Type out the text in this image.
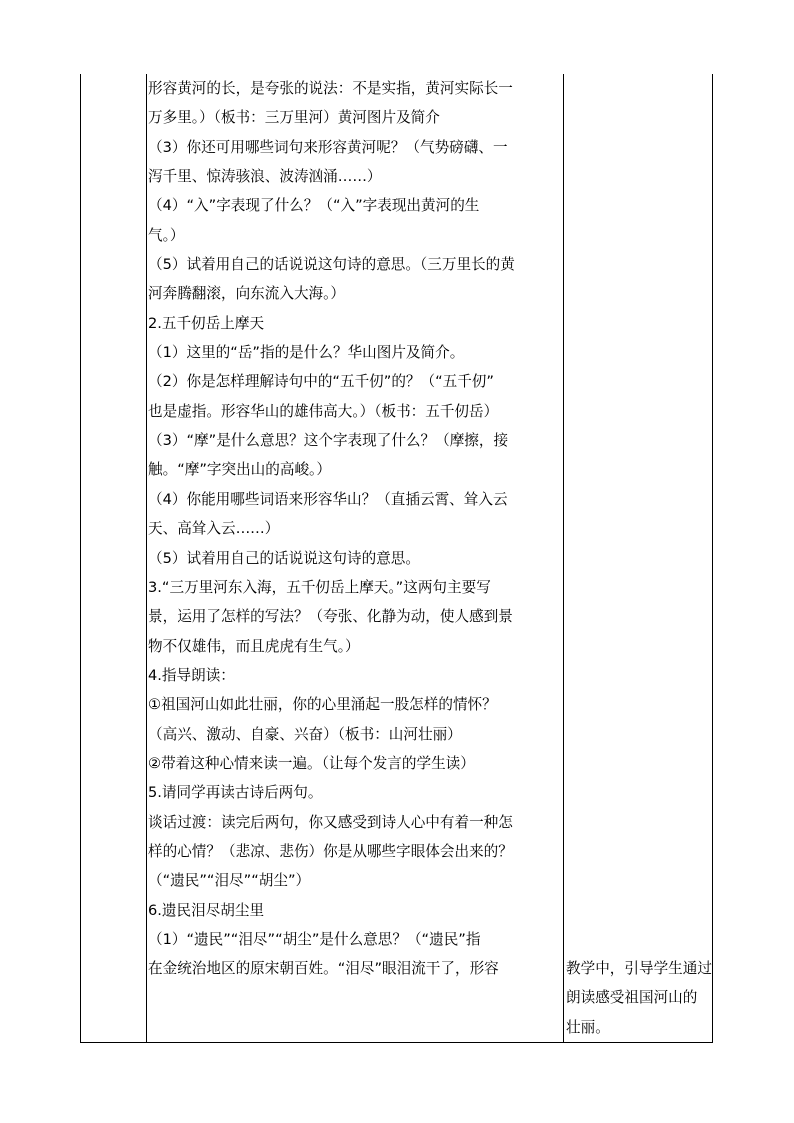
形容黄河的长，是夸张的说法：不是实指，黄河实际长一
万多里。）（板书：三万里河）黄河图片及简介
（3）你还可用哪些词句来形容黄河呢？（气势磅礴、一
泻千里、惊涛骇浪、波涛汹涌……）
（4）“入”字表现了什么？（“入”字表现出黄河的生
气。）
（5）试着用自己的话说说这句诗的意思。（三万里长的黄
河奔腾翻滚，向东流入大海。）
2.五千仞岳上摩天
（1）这里的“岳”指的是什么？华山图片及简介。
（2）你是怎样理解诗句中的“五千仞”的？（“五千仞”
也是虚指。形容华山的雄伟高大。）（板书：五千仞岳）
（3）“摩”是什么意思？这个字表现了什么？（摩擦，接
触。“摩”字突出山的高峻。）
（4）你能用哪些词语来形容华山？（直插云霄、耸入云
天、高耸入云……）
（5）试着用自己的话说说这句诗的意思。
3.“三万里河东入海，五千仞岳上摩天。”这两句主要写
景，运用了怎样的写法？（夸张、化静为动，使人感到景
物不仅雄伟，而且虎虎有生气。）
4.指导朗读：
①祖国河山如此壮丽，你的心里涌起一股怎样的情怀？
（高兴、激动、自豪、兴奋）（板书：山河壮丽）
②带着这种心情来读一遍。（让每个发言的学生读）
5.请同学再读古诗后两句。
谈话过渡：读完后两句，你又感受到诗人心中有着一种怎
样的心情？（悲凉、悲伤）你是从哪些字眼体会出来的？
（“遗民”“泪尽”“胡尘”）
6.遗民泪尽胡尘里
（1）“遗民”“泪尽”“胡尘”是什么意思？（“遗民”指
在金统治地区的原宋朝百姓。“泪尽”眼泪流干了，形容	教学中，引导学生通过
朗读感受祖国河山的
壮丽。
